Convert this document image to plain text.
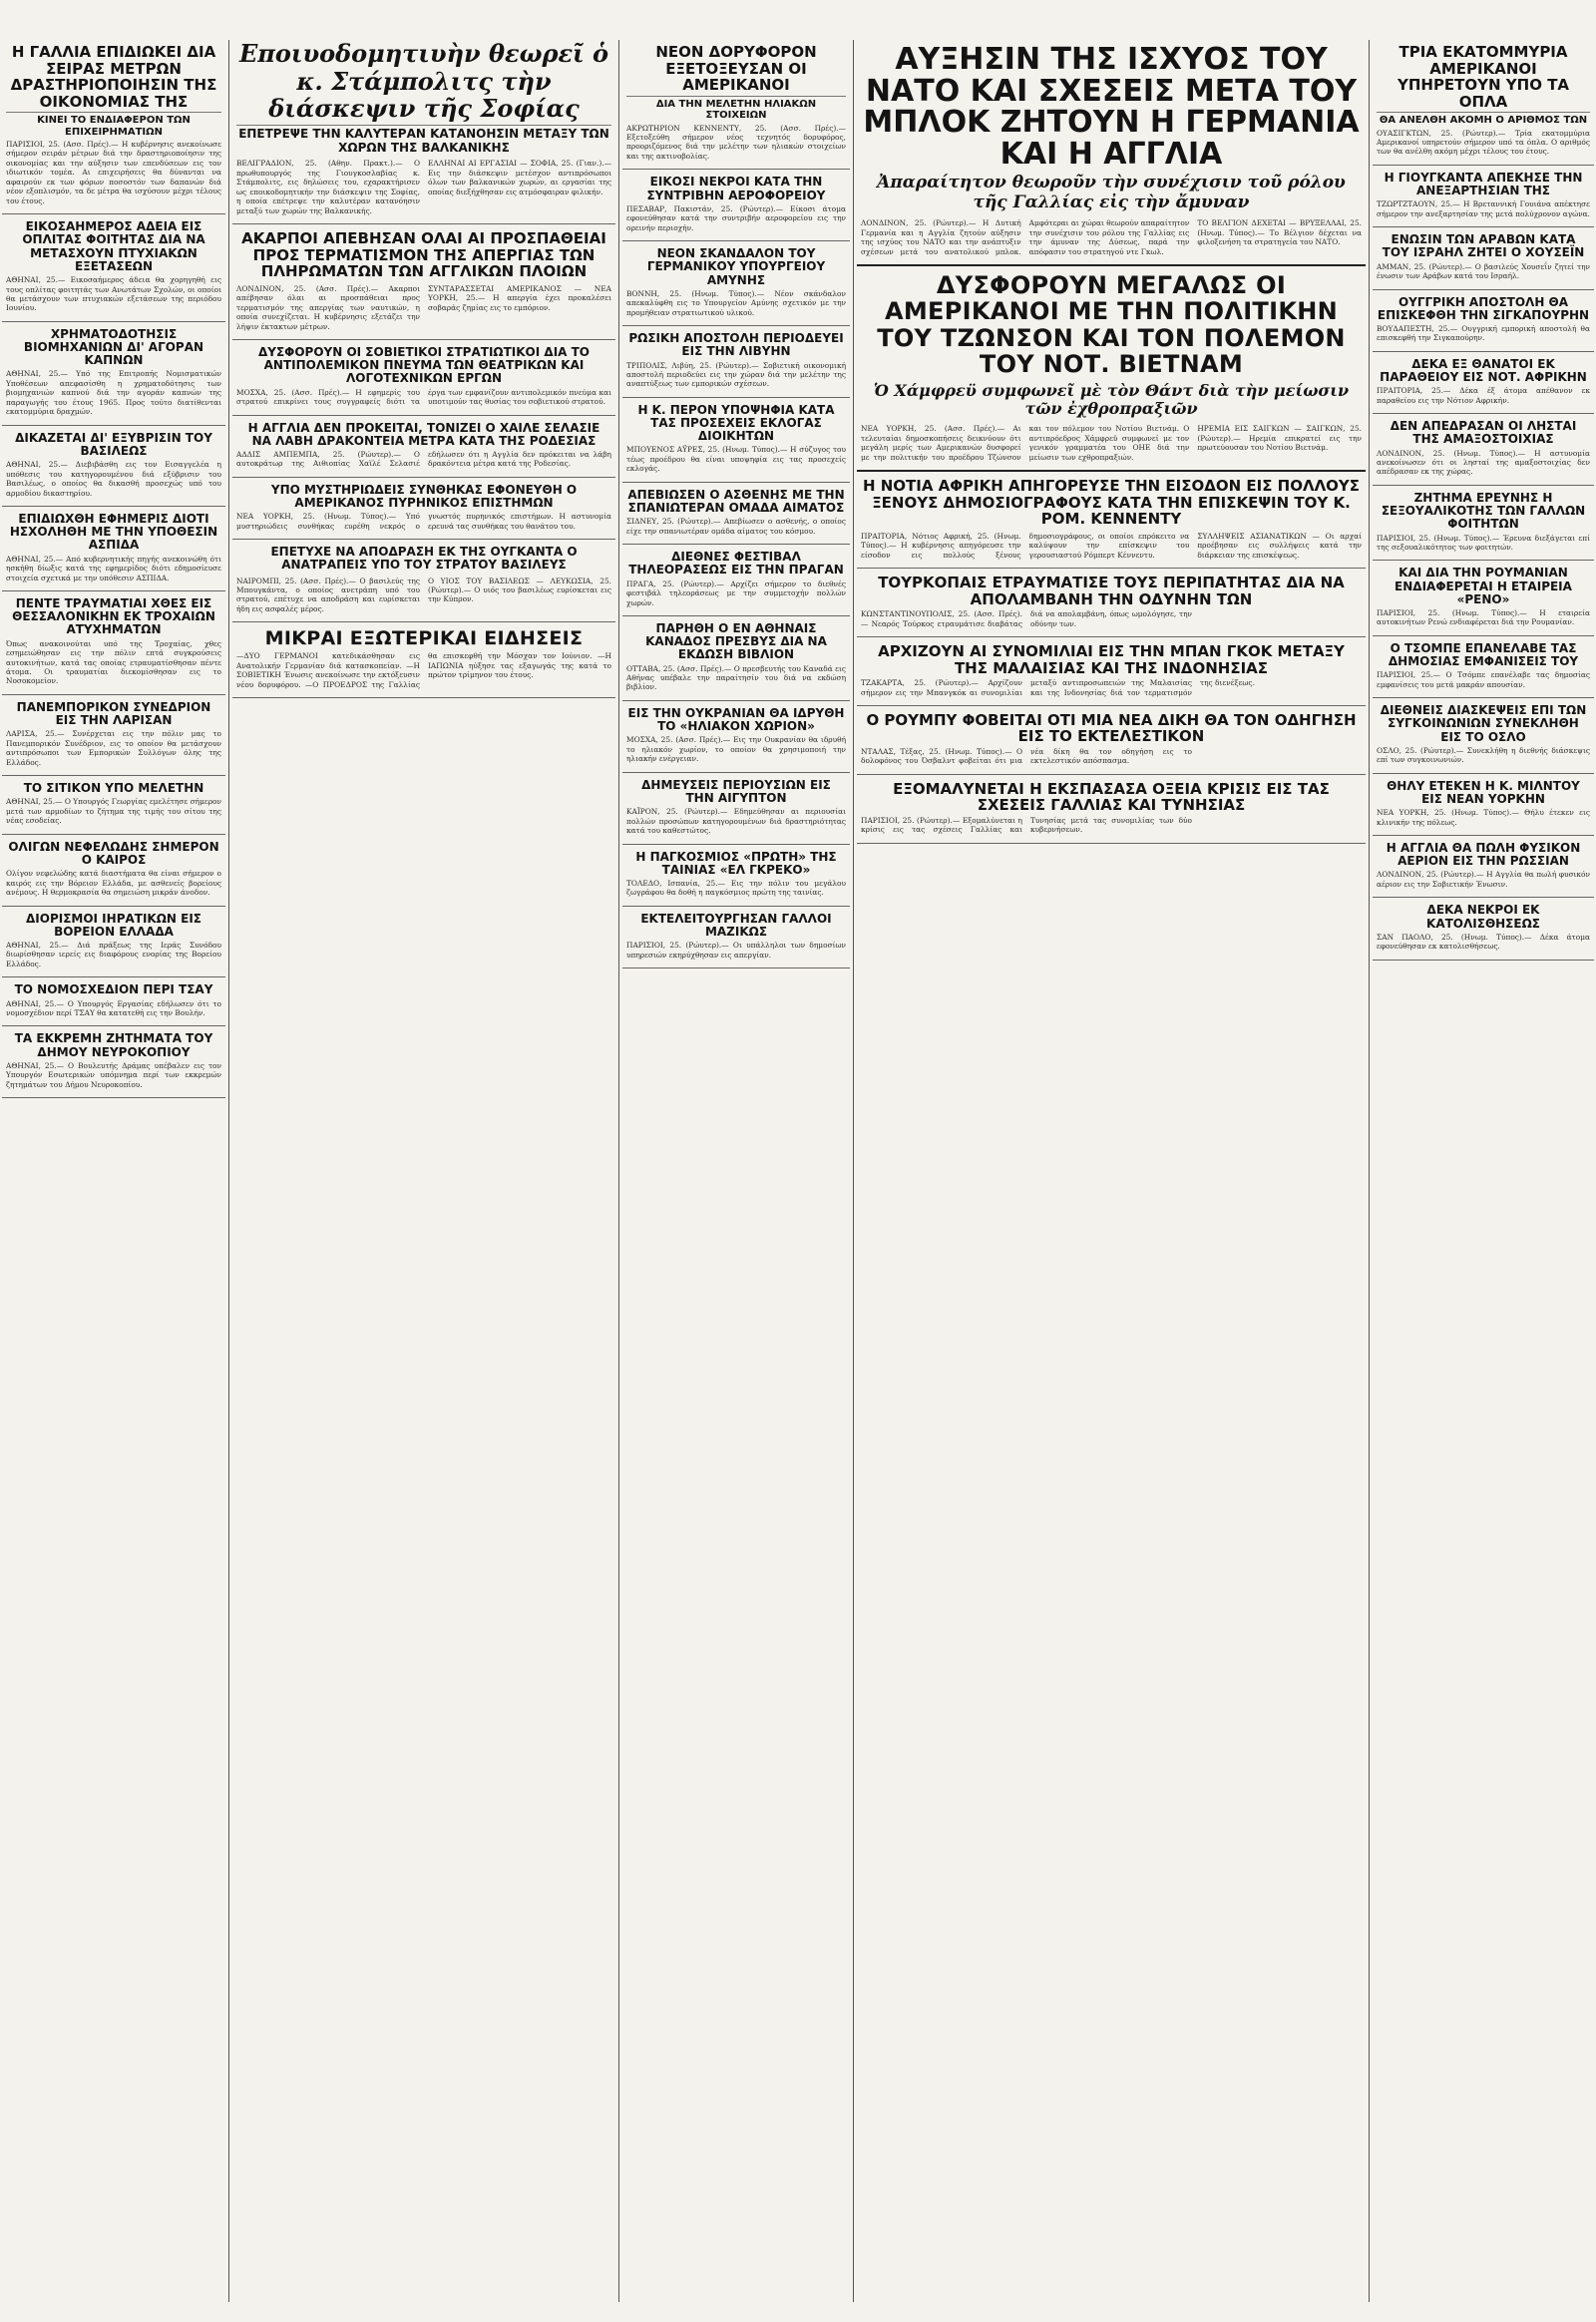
Η ΓΑΛΛΙΑ ΕΠΙΔΙΩΚΕΙ ΔΙΑ ΣΕΙΡΑΣ ΜΕΤΡΩΝ ΔΡΑΣΤΗΡΙΟΠΟΙΗΣΙΝ ΤΗΣ ΟΙΚΟΝΟΜΙΑΣ ΤΗΣ
ΚΙΝΕΙ ΤΟ ΕΝΔΙΑΦΕΡΟΝ ΤΩΝ ΕΠΙΧΕΙΡΗΜΑΤΙΩΝ
ΠΑΡΙΣΙΟΙ, 25. (Ασσ. Πρές).— Η κυβέρνησις ανεκοίνωσε σήμερον σειράν μέτρων διά την δραστηριοποίησιν της οικονομίας και την αύξησιν των επενδύσεων εις τον ιδιωτικόν τομέα. Αι επιχειρήσεις θα δύνανται να αφαιρούν εκ των φόρων ποσοστόν των δαπανών διά νέον εξοπλισμόν, τα δε μέτρα θα ισχύσουν μέχρι τέλους του έτους.
ΕΙΚΟΣΑΗΜΕΡΟΣ ΑΔΕΙΑ ΕΙΣ ΟΠΛΙΤΑΣ ΦΟΙΤΗΤΑΣ ΔΙΑ ΝΑ ΜΕΤΑΣΧΟΥΝ ΠΤΥΧΙΑΚΩΝ ΕΞΕΤΑΣΕΩΝ
ΑΘΗΝΑΙ, 25.— Εικοσαήμερος άδεια θα χορηγηθή εις τους οπλίτας φοιτητάς των Ανωτάτων Σχολών, οι οποίοι θα μετάσχουν των πτυχιακών εξετάσεων της περιόδου Ιουνίου.
ΧΡΗΜΑΤΟΔΟΤΗΣΙΣ ΒΙΟΜΗΧΑΝΙΩΝ ΔΙ' ΑΓΟΡΑΝ ΚΑΠΝΩΝ
ΑΘΗΝΑΙ, 25.— Υπό της Επιτροπής Νομισματικών Υποθέσεων απεφασίσθη η χρηματοδότησις των βιομηχανιών καπνού διά την αγοράν καπνών της παραγωγής του έτους 1965. Προς τούτο διατίθενται εκατομμύρια δραχμών.
ΔΙΚΑΖΕΤΑΙ ΔΙ' ΕΞΥΒΡΙΣΙΝ ΤΟΥ ΒΑΣΙΛΕΩΣ
ΑΘΗΝΑΙ, 25.— Διεβιβάσθη εις τον Εισαγγελέα η υπόθεσις του κατηγορουμένου διά εξύβρισιν του Βασιλέως, ο οποίος θα δικασθή προσεχώς υπό του αρμοδίου δικαστηρίου.
ΕΠΙΔΙΩΧΘΗ ΕΦΗΜΕΡΙΣ ΔΙΟΤΙ ΗΣΧΟΛΗΘΗ ΜΕ ΤΗΝ ΥΠΟΘΕΣΙΝ ΑΣΠΙΔΑ
ΑΘΗΝΑΙ, 25.— Από κυβερνητικής πηγής ανεκοινώθη ότι ησκήθη δίωξις κατά της εφημερίδος διότι εδημοσίευσε στοιχεία σχετικά με την υπόθεσιν ΑΣΠΙΔΑ.
ΠΕΝΤΕ ΤΡΑΥΜΑΤΙΑΙ ΧΘΕΣ ΕΙΣ ΘΕΣΣΑΛΟΝΙΚΗΝ ΕΚ ΤΡΟΧΑΙΩΝ ΑΤΥΧΗΜΑΤΩΝ
Όπως ανακοινούται υπό της Τροχαίας, χθες εσημειώθησαν εις την πόλιν επτά συγκρούσεις αυτοκινήτων, κατά τας οποίας ετραυματίσθησαν πέντε άτομα. Οι τραυματίαι διεκομίσθησαν εις το Νοσοκομείον.
ΠΑΝΕΜΠΟΡΙΚΟΝ ΣΥΝΕΔΡΙΟΝ ΕΙΣ ΤΗΝ ΛΑΡΙΣΑΝ
ΛΑΡΙΣΑ, 25.— Συνέρχεται εις την πόλιν μας το Πανεμπορικόν Συνέδριον, εις το οποίον θα μετάσχουν αντιπρόσωποι των Εμπορικών Συλλόγων όλης της Ελλάδος.
ΤΟ ΣΙΤΙΚΟΝ ΥΠΟ ΜΕΛΕΤΗΝ
ΑΘΗΝΑΙ, 25.— Ο Υπουργός Γεωργίας εμελέτησε σήμερον μετά των αρμοδίων το ζήτημα της τιμής του σίτου της νέας εσοδείας.
ΟΛΙΓΩΝ ΝΕΦΕΛΩΔΗΣ ΣΗΜΕΡΟΝ Ο ΚΑΙΡΟΣ
Ολίγον νεφελώδης κατά διαστήματα θα είναι σήμερον ο καιρός εις την Βόρειον Ελλάδα, με ασθενείς βορείους ανέμους. Η θερμοκρασία θα σημειώση μικράν άνοδον.
ΔΙΟΡΙΣΜΟΙ ΙΗΡΑΤΙΚΩΝ ΕΙΣ ΒΟΡΕΙΟΝ ΕΛΛΑΔΑ
ΑΘΗΝΑΙ, 25.— Διά πράξεως της Ιεράς Συνόδου διωρίσθησαν ιερείς εις διαφόρους ενορίας της Βορείου Ελλάδος.
ΤΟ ΝΟΜΟΣΧΕΔΙΟΝ ΠΕΡΙ ΤΣΑΥ
ΑΘΗΝΑΙ, 25.— Ο Υπουργός Εργασίας εδήλωσεν ότι το νομοσχέδιον περί ΤΣΑΥ θα κατατεθή εις την Βουλήν.
ΤΑ ΕΚΚΡΕΜΗ ΖΗΤΗΜΑΤΑ ΤΟΥ ΔΗΜΟΥ ΝΕΥΡΟΚΟΠΙΟΥ
ΑΘΗΝΑΙ, 25.— Ο Βουλευτής Δράμας υπέβαλεν εις τον Υπουργόν Εσωτερικών υπόμνημα περί των εκκρεμών ζητημάτων του Δήμου Νευροκοπίου.
Εποιυοδομητιυὴν θεωρεῖ ὁ κ. Στάμπολιτς τὴν διάσκεψιν τῆς Σοφίας
ΕΠΕΤΡΕΨΕ ΤΗΝ ΚΑΛΥΤΕΡΑΝ ΚΑΤΑΝΟΗΣΙΝ ΜΕΤΑΞΥ ΤΩΝ ΧΩΡΩΝ ΤΗΣ ΒΑΛΚΑΝΙΚΗΣ
ΒΕΛΙΓΡΑΔΙΟΝ, 25. (Αθην. Πρακτ.).— Ο πρωθυπουργός της Γιουγκοσλαβίας κ. Στάμπολιτς, εις δηλώσεις του, εχαρακτήρισεν ως εποικοδομητικήν την διάσκεψιν της Σοφίας, η οποία επέτρεψε την καλυτέραν κατανόησιν μεταξύ των χωρών της Βαλκανικής.
ΕΛΛΗΝΑΙ ΑΙ ΕΡΓΑΣΙΑΙ — ΣΟΦΙΑ, 25. (Γιαν.).— Εις την διάσκεψιν μετέσχον αντιπρόσωποι όλων των βαλκανικών χωρών, αι εργασίαι της οποίας διεξήχθησαν εις ατμόσφαιραν φιλικήν.
ΑΚΑΡΠΟΙ ΑΠΕΒΗΣΑΝ ΟΛΑΙ ΑΙ ΠΡΟΣΠΑΘΕΙΑΙ ΠΡΟΣ ΤΕΡΜΑΤΙΣΜΟΝ ΤΗΣ ΑΠΕΡΓΙΑΣ ΤΩΝ ΠΛΗΡΩΜΑΤΩΝ ΤΩΝ ΑΓΓΛΙΚΩΝ ΠΛΟΙΩΝ
ΛΟΝΔΙΝΟΝ, 25. (Ασσ. Πρές).— Ακαρποι απέβησαν όλαι αι προσπάθειαι προς τερματισμόν της απεργίας των ναυτικών, η οποία συνεχίζεται. Η κυβέρνησις εξετάζει την λήψιν έκτακτων μέτρων.
ΣΥΝΤΑΡΑΣΣΕΤΑΙ ΑΜΕΡΙΚΑΝΟΣ — ΝΕΑ ΥΟΡΚΗ, 25.— Η απεργία έχει προκαλέσει σοβαράς ζημίας εις το εμπόριον.
ΔΥΣΦΟΡΟΥΝ ΟΙ ΣΟΒΙΕΤΙΚΟΙ ΣΤΡΑΤΙΩΤΙΚΟΙ ΔΙΑ ΤΟ ΑΝΤΙΠΟΛΕΜΙΚΟΝ ΠΝΕΥΜΑ ΤΩΝ ΘΕΑΤΡΙΚΩΝ ΚΑΙ ΛΟΓΟΤΕΧΝΙΚΩΝ ΕΡΓΩΝ
ΜΟΣΧΑ, 25. (Ασσ. Πρές).— Η εφημερίς του στρατού επικρίνει τους συγγραφείς διότι τα έργα των εμφανίζουν αντιπολεμικόν πνεύμα και υποτιμούν τας θυσίας του σοβιετικού στρατού.
Η ΑΓΓΛΙΑ ΔΕΝ ΠΡΟΚΕΙΤΑΙ, ΤΟΝΙΖΕΙ Ο ΧΑΙΛΕ ΣΕΛΑΣΙΕ ΝΑ ΛΑΒΗ ΔΡΑΚΟΝΤΕΙΑ ΜΕΤΡΑ ΚΑΤΑ ΤΗΣ ΡΟΔΕΣΙΑΣ
ΑΔΔΙΣ ΑΜΠΕΜΠΑ, 25. (Ρώυτερ).— Ο αυτοκράτωρ της Αιθιοπίας Χαϊλέ Σελασιέ εδήλωσεν ότι η Αγγλία δεν πρόκειται να λάβη δρακόντεια μέτρα κατά της Ροδεσίας.
ΥΠΟ ΜΥΣΤΗΡΙΩΔΕΙΣ ΣΥΝΘΗΚΑΣ ΕΦΟΝΕΥΘΗ Ο ΑΜΕΡΙΚΑΝΟΣ ΠΥΡΗΝΙΚΟΣ ΕΠΙΣΤΗΜΩΝ
ΝΕΑ ΥΟΡΚΗ, 25. (Ηνωμ. Τύπος).— Υπό μυστηριώδεις συνθήκας ευρέθη νεκρός ο γνωστός πυρηνικός επιστήμων. Η αστυνομία ερευνά τας συνθήκας του θανάτου του.
ΕΠΕΤΥΧΕ ΝΑ ΑΠΟΔΡΑΣΗ ΕΚ ΤΗΣ ΟΥΓΚΑΝΤΑ Ο ΑΝΑΤΡΑΠΕΙΣ ΥΠΟ ΤΟΥ ΣΤΡΑΤΟΥ ΒΑΣΙΛΕΥΣ
ΝΑΙΡΟΜΠΙ, 25. (Ασσ. Πρές).— Ο βασιλεύς της Μπουγκάντα, ο οποίος ανετράπη υπό του στρατού, επέτυχε να αποδράση και ευρίσκεται ήδη εις ασφαλές μέρος.
Ο ΥΙΟΣ ΤΟΥ ΒΑΣΙΛΕΩΣ — ΛΕΥΚΩΣΙΑ, 25. (Ρώυτερ).— Ο υιός του βασιλέως ευρίσκεται εις την Κύπρον.
ΜΙΚΡΑΙ ΕΞΩΤΕΡΙΚΑΙ ΕΙΔΗΣΕΙΣ
—ΔΥΟ ΓΕΡΜΑΝΟΙ κατεδικάσθησαν εις Ανατολικήν Γερμανίαν διά κατασκοπείαν. —Η ΣΟΒΙΕΤΙΚΗ Ένωσις ανεκοίνωσε την εκτόξευσιν νέου δορυφόρου. —Ο ΠΡΟΕΔΡΟΣ της Γαλλίας θα επισκεφθή την Μόσχαν τον Ιούνιον. —Η ΙΑΠΩΝΙΑ ηύξησε τας εξαγωγάς της κατά το πρώτον τρίμηνον του έτους.
ΝΕΟΝ ΔΟΡΥΦΟΡΟΝ ΕΞΕΤΟΞΕΥΣΑΝ ΟΙ ΑΜΕΡΙΚΑΝΟΙ
ΔΙΑ ΤΗΝ ΜΕΛΕΤΗΝ ΗΛΙΑΚΩΝ ΣΤΟΙΧΕΙΩΝ
ΑΚΡΩΤΗΡΙΟΝ ΚΕΝΝΕΝΤΥ, 25. (Ασσ. Πρές).— Εξετοξεύθη σήμερον νέος τεχνητός δορυφόρος, προοριζόμενος διά την μελέτην των ηλιακών στοιχείων και της ακτινοβολίας.
ΕΙΚΟΣΙ ΝΕΚΡΟΙ ΚΑΤΑ ΤΗΝ ΣΥΝΤΡΙΒΗΝ ΑΕΡΟΦΟΡΕΙΟΥ
ΠΕΣΑΒΑΡ, Πακιστάν, 25. (Ρώυτερ).— Είκοσι άτομα εφονεύθησαν κατά την συντριβήν αεροφορείου εις την ορεινήν περιοχήν.
ΝΕΟΝ ΣΚΑΝΔΑΛΟΝ ΤΟΥ ΓΕΡΜΑΝΙΚΟΥ ΥΠΟΥΡΓΕΙΟΥ ΑΜΥΝΗΣ
ΒΟΝΝΗ, 25. (Ηνωμ. Τύπος).— Νέον σκάνδαλον απεκαλύφθη εις το Υπουργείον Αμύνης σχετικόν με την προμήθειαν στρατιωτικού υλικού.
ΡΩΣΙΚΗ ΑΠΟΣΤΟΛΗ ΠΕΡΙΟΔΕΥΕΙ ΕΙΣ ΤΗΝ ΛΙΒΥΗΝ
ΤΡΙΠΟΛΙΣ, Λιβύη, 25. (Ρώυτερ).— Σοβιετική οικονομική αποστολή περιοδεύει εις την χώραν διά την μελέτην της αναπτύξεως των εμπορικών σχέσεων.
Η Κ. ΠΕΡΟΝ ΥΠΟΨΗΦΙΑ ΚΑΤΑ ΤΑΣ ΠΡΟΣΕΧΕΙΣ ΕΚΛΟΓΑΣ ΔΙΟΙΚΗΤΩΝ
ΜΠΟΥΕΝΟΣ ΑΫΡΕΣ, 25. (Ηνωμ. Τύπος).— Η σύζυγος του τέως προέδρου θα είναι υποψηφία εις τας προσεχείς εκλογάς.
ΑΠΕΒΙΩΣΕΝ Ο ΑΣΘΕΝΗΣ ΜΕ ΤΗΝ ΣΠΑΝΙΩΤΕΡΑΝ ΟΜΑΔΑ ΑΙΜΑΤΟΣ
ΣΙΔΝΕΥ, 25. (Ρώυτερ).— Απεβίωσεν ο ασθενής, ο οποίος είχε την σπανιωτέραν ομάδα αίματος του κόσμου.
ΔΙΕΘΝΕΣ ΦΕΣΤΙΒΑΛ ΤΗΛΕΟΡΑΣΕΩΣ ΕΙΣ ΤΗΝ ΠΡΑΓΑΝ
ΠΡΑΓΑ, 25. (Ρώυτερ).— Αρχίζει σήμερον το διεθνές φεστιβάλ τηλεοράσεως με την συμμετοχήν πολλών χωρών.
ΠΑΡΗΘΗ Ο ΕΝ ΑΘΗΝΑΙΣ ΚΑΝΑΔΟΣ ΠΡΕΣΒΥΣ ΔΙΑ ΝΑ ΕΚΔΩΣΗ ΒΙΒΛΙΟΝ
ΟΤΤΑΒΑ, 25. (Ασσ. Πρές).— Ο πρεσβευτής του Καναδά εις Αθήνας υπέβαλε την παραίτησίν του διά να εκδώση βιβλίον.
ΕΙΣ ΤΗΝ ΟΥΚΡΑΝΙΑΝ ΘΑ ΙΔΡΥΘΗ ΤΟ «ΗΛΙΑΚΟΝ ΧΩΡΙΟΝ»
ΜΟΣΧΑ, 25. (Ασσ. Πρές).— Εις την Ουκρανίαν θα ιδρυθή το ηλιακόν χωρίον, το οποίον θα χρησιμοποιή την ηλιακήν ενέργειαν.
ΔΗΜΕΥΣΕΙΣ ΠΕΡΙΟΥΣΙΩΝ ΕΙΣ ΤΗΝ ΑΙΓΥΠΤΟΝ
ΚΑΪΡΟΝ, 25. (Ρώυτερ).— Εδημεύθησαν αι περιουσίαι πολλών προσώπων κατηγορουμένων διά δραστηριότητας κατά του καθεστώτος.
Η ΠΑΓΚΟΣΜΙΟΣ «ΠΡΩΤΗ» ΤΗΣ ΤΑΙΝΙΑΣ «ΕΛ ΓΚΡΕΚΟ»
ΤΟΛΕΔΟ, Ισπανία, 25.— Εις την πόλιν του μεγάλου ζωγράφου θα δοθή η παγκόσμιος πρώτη της ταινίας.
ΕΚΤΕΛΕΙΤΟΥΡΓΗΣΑΝ ΓΑΛΛΟΙ ΜΑΖΙΚΩΣ
ΠΑΡΙΣΙΟΙ, 25. (Ρώυτερ).— Οι υπάλληλοι των δημοσίων υπηρεσιών εκηρύχθησαν εις απεργίαν.
ΑΥΞΗΣΙΝ ΤΗΣ ΙΣΧΥΟΣ ΤΟΥ ΝΑΤΟ ΚΑΙ ΣΧΕΣΕΙΣ ΜΕΤΑ ΤΟΥ ΜΠΛΟΚ ΖΗΤΟΥΝ Η ΓΕΡΜΑΝΙΑ ΚΑΙ Η ΑΓΓΛΙΑ
Ἀπαραίτητον θεωροῦν τὴν συνέχισιν τοῦ ρόλου τῆς Γαλλίας εἰς τὴν ἄμυναν
ΛΟΝΔΙΝΟΝ, 25. (Ρώυτερ).— Η Δυτική Γερμανία και η Αγγλία ζητούν αύξησιν της ισχύος του ΝΑΤΟ και την ανάπτυξιν σχέσεων μετά του ανατολικού μπλοκ. Αμφότεραι αι χώραι θεωρούν απαραίτητον την συνέχισιν του ρόλου της Γαλλίας εις την άμυναν της Δύσεως, παρά την απόφασιν του στρατηγού ντε Γκωλ.
ΤΟ ΒΕΛΓΙΟΝ ΔΕΧΕΤΑΙ — ΒΡΥΞΕΛΛΑΙ, 25. (Ηνωμ. Τύπος).— Το Βέλγιον δέχεται να φιλοξενήση τα στρατηγεία του ΝΑΤΟ.
ΔΥΣΦΟΡΟΥΝ ΜΕΓΑΛΩΣ ΟΙ ΑΜΕΡΙΚΑΝΟΙ ΜΕ ΤΗΝ ΠΟΛΙΤΙΚΗΝ ΤΟΥ ΤΖΩΝΣΟΝ ΚΑΙ ΤΟΝ ΠΟΛΕΜΟΝ ΤΟΥ ΝΟΤ. ΒΙΕΤΝΑΜ
Ὁ Χάμφρεϋ συμφωνεῖ μὲ τὸν Θάντ διὰ τὴν μείωσιν τῶν ἐχθροπραξιῶν
ΝΕΑ ΥΟΡΚΗ, 25. (Ασσ. Πρές).— Αι τελευταίαι δημοσκοπήσεις δεικνύουν ότι μεγάλη μερίς των Αμερικανών δυσφορεί με την πολιτικήν του προέδρου Τζώνσον και τον πόλεμον του Νοτίου Βιετνάμ. Ο αντιπρόεδρος Χάμφρεϋ συμφωνεί με τον γενικόν γραμματέα του ΟΗΕ διά την μείωσιν των εχθροπραξιών.
ΗΡΕΜΙΑ ΕΙΣ ΣΑΙΓΚΩΝ — ΣΑΙΓΚΩΝ, 25. (Ρώυτερ).— Ηρεμία επικρατεί εις την πρωτεύουσαν του Νοτίου Βιετνάμ.
Η ΝΟΤΙΑ ΑΦΡΙΚΗ ΑΠΗΓΟΡΕΥΣΕ ΤΗΝ ΕΙΣΟΔΟΝ ΕΙΣ ΠΟΛΛΟΥΣ ΞΕΝΟΥΣ ΔΗΜΟΣΙΟΓΡΑΦΟΥΣ ΚΑΤΑ ΤΗΝ ΕΠΙΣΚΕΨΙΝ ΤΟΥ Κ. ΡΟΜ. ΚΕΝΝΕΝΤΥ
ΠΡΑΙΤΟΡΙΑ, Νότιος Αφρική, 25. (Ηνωμ. Τύπος).— Η κυβέρνησις απηγόρευσε την είσοδον εις πολλούς ξένους δημοσιογράφους, οι οποίοι επρόκειτο να καλύψουν την επίσκεψιν του γερουσιαστού Ρόμπερτ Κέννεντυ.
ΣΥΛΛΗΨΕΙΣ ΑΣΙΑΝΑΤΙΚΩΝ — Οι αρχαί προέβησαν εις συλλήψεις κατά την διάρκειαν της επισκέψεως.
ΤΟΥΡΚΟΠΑΙΣ ΕΤΡΑΥΜΑΤΙΣΕ ΤΟΥΣ ΠΕΡΙΠΑΤΗΤΑΣ ΔΙΑ ΝΑ ΑΠΟΛΑΜΒΑΝΗ ΤΗΝ ΟΔΥΝΗΝ ΤΩΝ
ΚΩΝΣΤΑΝΤΙΝΟΥΠΟΛΙΣ, 25. (Ασσ. Πρές).— Νεαρός Τούρκος ετραυμάτισε διαβάτας διά να απολαμβάνη, όπως ωμολόγησε, την οδύνην των.
ΑΡΧΙΖΟΥΝ ΑΙ ΣΥΝΟΜΙΛΙΑΙ ΕΙΣ ΤΗΝ ΜΠΑΝ ΓΚΟΚ ΜΕΤΑΞΥ ΤΗΣ ΜΑΛΑΙΣΙΑΣ ΚΑΙ ΤΗΣ ΙΝΔΟΝΗΣΙΑΣ
ΤΖΑΚΑΡΤΑ, 25. (Ρώυτερ).— Αρχίζουν σήμερον εις την Μπανγκόκ αι συνομιλίαι μεταξύ αντιπροσωπειών της Μαλαισίας και της Ινδονησίας διά τον τερματισμόν της διενέξεως.
Ο ΡΟΥΜΠΥ ΦΟΒΕΙΤΑΙ ΟΤΙ ΜΙΑ ΝΕΑ ΔΙΚΗ ΘΑ ΤΟΝ ΟΔΗΓΗΣΗ ΕΙΣ ΤΟ ΕΚΤΕΛΕΣΤΙΚΟΝ
ΝΤΑΛΑΣ, Τέξας, 25. (Ηνωμ. Τύπος).— Ο δολοφόνος του Όσβαλντ φοβείται ότι μια νέα δίκη θα τον οδηγήση εις το εκτελεστικόν απόσπασμα.
ΕΞΟΜΑΛΥΝΕΤΑΙ Η ΕΚΣΠΑΣΑΣΑ ΟΞΕΙΑ ΚΡΙΣΙΣ ΕΙΣ ΤΑΣ ΣΧΕΣΕΙΣ ΓΑΛΛΙΑΣ ΚΑΙ ΤΥΝΗΣΙΑΣ
ΠΑΡΙΣΙΟΙ, 25. (Ρώυτερ).— Εξομαλύνεται η κρίσις εις τας σχέσεις Γαλλίας και Τυνησίας μετά τας συνομιλίας των δύο κυβερνήσεων.
ΤΡΙΑ ΕΚΑΤΟΜΜΥΡΙΑ ΑΜΕΡΙΚΑΝΟΙ ΥΠΗΡΕΤΟΥΝ ΥΠΟ ΤΑ ΟΠΛΑ
ΘΑ ΑΝΕΛΘΗ ΑΚΟΜΗ Ο ΑΡΙΘΜΟΣ ΤΩΝ
ΟΥΑΣΙΓΚΤΩΝ, 25. (Ρώυτερ).— Τρία εκατομμύρια Αμερικανοί υπηρετούν σήμερον υπό τα όπλα. Ο αριθμός των θα ανέλθη ακόμη μέχρι τέλους του έτους.
Η ΓΙΟΥΓΚΑΝΤΑ ΑΠΕΚΗΣΕ ΤΗΝ ΑΝΕΞΑΡΤΗΣΙΑΝ ΤΗΣ
ΤΖΩΡΤΖΤΑΟΥΝ, 25.— Η Βρεταννική Γουιάνα απέκτησε σήμερον την ανεξαρτησίαν της μετά πολύχρονον αγώνα.
ΕΝΩΣΙΝ ΤΩΝ ΑΡΑΒΩΝ ΚΑΤΑ ΤΟΥ ΙΣΡΑΗΛ ΖΗΤΕΙ Ο ΧΟΥΣΕΪΝ
ΑΜΜΑΝ, 25. (Ρώυτερ).— Ο βασιλεύς Χουσεΐν ζητεί την ένωσιν των Αράβων κατά του Ισραήλ.
ΟΥΓΓΡΙΚΗ ΑΠΟΣΤΟΛΗ ΘΑ ΕΠΙΣΚΕΦΘΗ ΤΗΝ ΣΙΓΚΑΠΟΥΡΗΝ
ΒΟΥΔΑΠΕΣΤΗ, 25.— Ουγγρική εμπορική αποστολή θα επισκεφθή την Σιγκαπούρην.
ΔΕΚΑ ΕΞ ΘΑΝΑΤΟΙ ΕΚ ΠΑΡΑΘΕΙΟΥ ΕΙΣ ΝΟΤ. ΑΦΡΙΚΗΝ
ΠΡΑΙΤΟΡΙΑ, 25.— Δέκα έξ άτομα απέθανον εκ παραθείου εις την Νότιον Αφρικήν.
ΔΕΝ ΑΠΕΔΡΑΣΑΝ ΟΙ ΛΗΣΤΑΙ ΤΗΣ ΑΜΑΞΟΣΤΟΙΧΙΑΣ
ΛΟΝΔΙΝΟΝ, 25. (Ηνωμ. Τύπος).— Η αστυνομία ανεκοίνωσεν ότι οι λησταί της αμαξοστοιχίας δεν απέδρασαν εκ της χώρας.
ΖΗΤΗΜΑ ΕΡΕΥΝΗΣ Η ΣΕΞΟΥΑΛΙΚΟΤΗΣ ΤΩΝ ΓΑΛΛΩΝ ΦΟΙΤΗΤΩΝ
ΠΑΡΙΣΙΟΙ, 25. (Ηνωμ. Τύπος).— Έρευνα διεξάγεται επί της σεξουαλικότητος των φοιτητών.
ΚΑΙ ΔΙΑ ΤΗΝ ΡΟΥΜΑΝΙΑΝ ΕΝΔΙΑΦΕΡΕΤΑΙ Η ΕΤΑΙΡΕΙΑ «ΡΕΝΟ»
ΠΑΡΙΣΙΟΙ, 25. (Ηνωμ. Τύπος).— Η εταιρεία αυτοκινήτων Ρενώ ενδιαφέρεται διά την Ρουμανίαν.
Ο ΤΣΟΜΠΕ ΕΠΑΝΕΛΑΒΕ ΤΑΣ ΔΗΜΟΣΙΑΣ ΕΜΦΑΝΙΣΕΙΣ ΤΟΥ
ΠΑΡΙΣΙΟΙ, 25.— Ο Τσόμπε επανέλαβε τας δημοσίας εμφανίσεις του μετά μακράν απουσίαν.
ΔΙΕΘΝΕΙΣ ΔΙΑΣΚΕΨΕΙΣ ΕΠΙ ΤΩΝ ΣΥΓΚΟΙΝΩΝΙΩΝ ΣΥΝΕΚΛΗΘΗ ΕΙΣ ΤΟ ΟΣΛΟ
ΟΣΛΟ, 25. (Ρώυτερ).— Συνεκλήθη η διεθνής διάσκεψις επί των συγκοινωνιών.
ΘΗΛΥ ΕΤΕΚΕΝ Η Κ. ΜΙΛΝΤΟΥ ΕΙΣ ΝΕΑΝ ΥΟΡΚΗΝ
ΝΕΑ ΥΟΡΚΗ, 25. (Ηνωμ. Τύπος).— Θήλυ έτεκεν εις κλινικήν της πόλεως.
Η ΑΓΓΛΙΑ ΘΑ ΠΩΛΗ ΦΥΣΙΚΟΝ ΑΕΡΙΟΝ ΕΙΣ ΤΗΝ ΡΩΣΣΙΑΝ
ΛΟΝΔΙΝΟΝ, 25. (Ρώυτερ).— Η Αγγλία θα πωλή φυσικόν αέριον εις την Σοβιετικήν Ένωσιν.
ΔΕΚΑ ΝΕΚΡΟΙ ΕΚ ΚΑΤΟΛΙΣΘΗΣΕΩΣ
ΣΑΝ ΠΑΟΛΟ, 25. (Ηνωμ. Τύπος).— Δέκα άτομα εφονεύθησαν εκ κατολισθήσεως.
